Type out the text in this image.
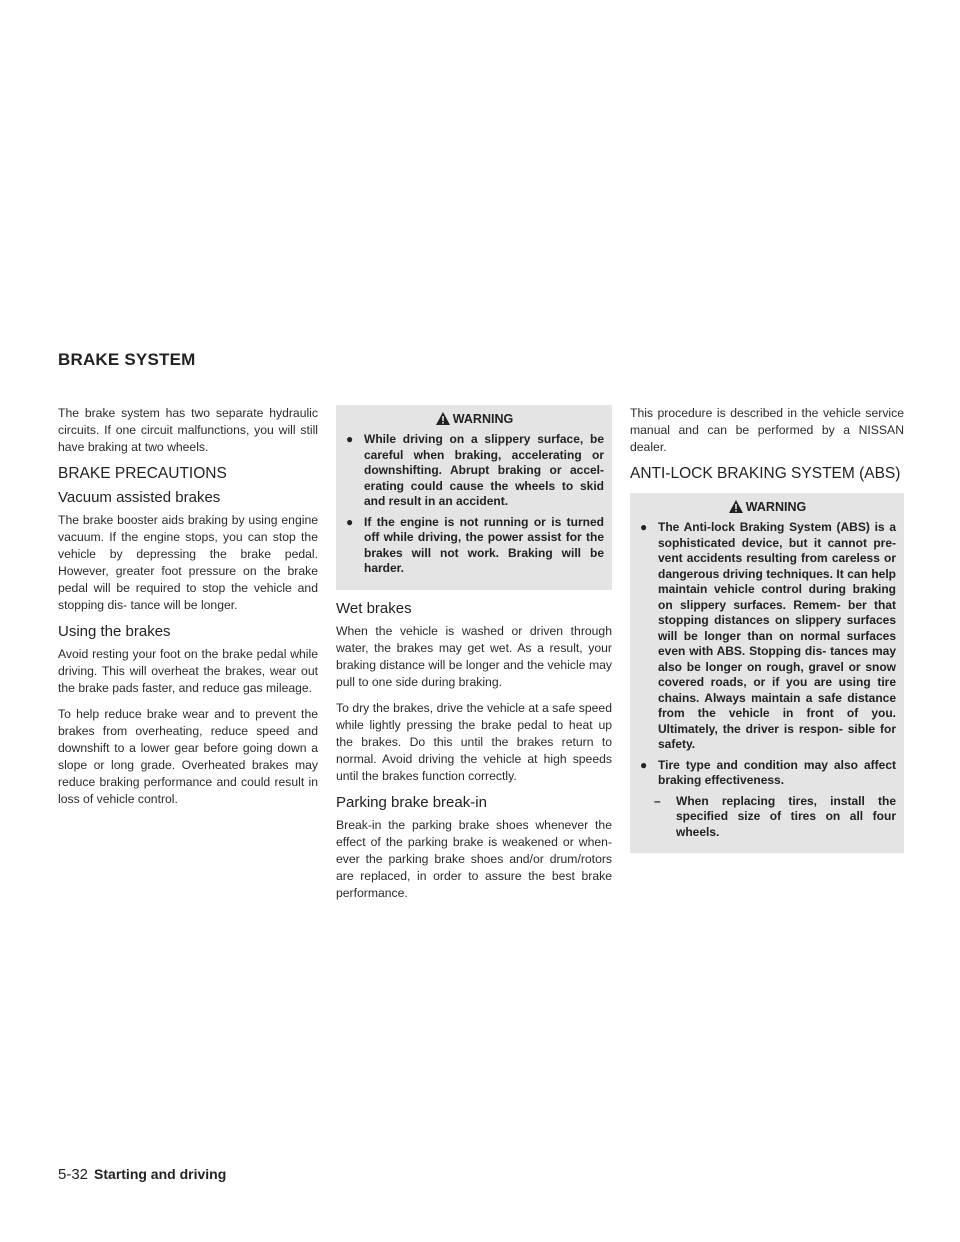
BRAKE SYSTEM

The brake system has two separate hydraulic circuits. If one circuit malfunctions, you will still have braking at two wheels.

BRAKE PRECAUTIONS
Vacuum assisted brakes

The brake booster aids braking by using engine vacuum. If the engine stops, you can stop the vehicle by depressing the brake pedal. However, greater foot pressure on the brake pedal will be required to stop the vehicle and stopping dis- tance will be longer.

Using the brakes

Avoid resting your foot on the brake pedal while driving. This will overheat the brakes, wear out the brake pads faster, and reduce gas mileage.

To help reduce brake wear and to prevent the brakes from overheating, reduce speed and downshift to a lower gear before going down a slope or long grade. Overheated brakes may reduce braking performance and could result in loss of vehicle control.

WARNING
● While driving on a slippery surface, be careful when braking, accelerating or downshifting. Abrupt braking or accel- erating could cause the wheels to skid and result in an accident.
● If the engine is not running or is turned off while driving, the power assist for the brakes will not work. Braking will be harder.
Wet brakes

When the vehicle is washed or driven through water, the brakes may get wet. As a result, your braking distance will be longer and the vehicle may pull to one side during braking.

To dry the brakes, drive the vehicle at a safe speed while lightly pressing the brake pedal to heat up the brakes. Do this until the brakes return to normal. Avoid driving the vehicle at high speeds until the brakes function correctly.

Parking brake break-in

Break-in the parking brake shoes whenever the effect of the parking brake is weakened or when- ever the parking brake shoes and/or drum/rotors are replaced, in order to assure the best brake performance.

This procedure is described in the vehicle service manual and can be performed by a NISSAN dealer.

ANTI-LOCK BRAKING SYSTEM (ABS)
WARNING
● The Anti-lock Braking System (ABS) is a sophisticated device, but it cannot pre- vent accidents resulting from careless or dangerous driving techniques. It can help maintain vehicle control during braking on slippery surfaces. Remem- ber that stopping distances on slippery surfaces will be longer than on normal surfaces even with ABS. Stopping dis- tances may also be longer on rough, gravel or snow covered roads, or if you are using tire chains. Always maintain a safe distance from the vehicle in front of you. Ultimately, the driver is respon- sible for safety.
● Tire type and condition may also affect braking effectiveness.
– When replacing tires, install the specified size of tires on all four wheels.
5-32 Starting and driving
